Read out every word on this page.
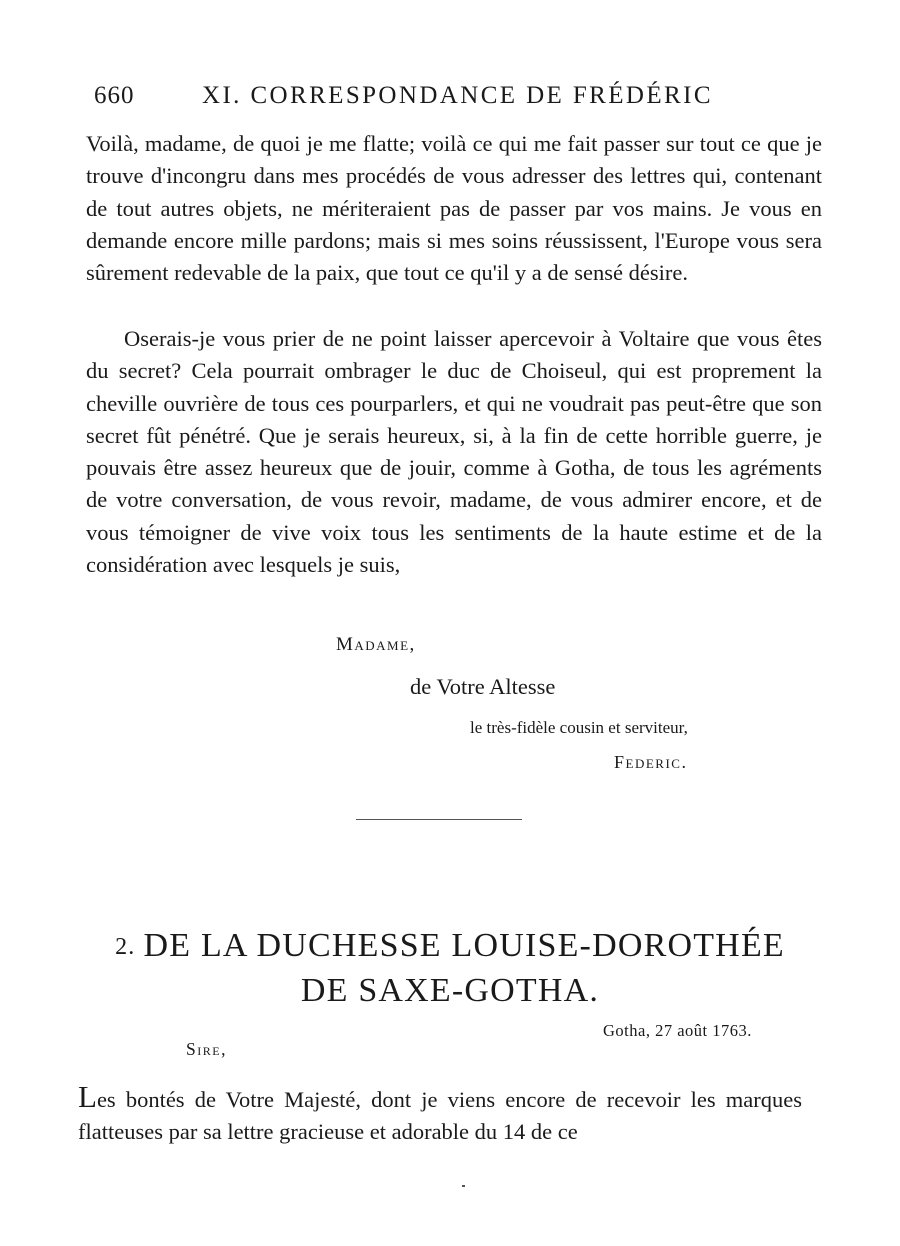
660	XI. CORRESPONDANCE DE FRÉDÉRIC

Voilà, madame, de quoi je me flatte; voilà ce qui me fait passer sur tout ce que je trouve d'incongru dans mes procédés de vous adresser des lettres qui, contenant de tout autres objets, ne mériteraient pas de passer par vos mains. Je vous en demande encore mille pardons; mais si mes soins réussissent, l'Europe vous sera sûrement redevable de la paix, que tout ce qu'il y a de sensé désire.

Oserais-je vous prier de ne point laisser apercevoir à Voltaire que vous êtes du secret? Cela pourrait ombrager le duc de Choiseul, qui est proprement la cheville ouvrière de tous ces pourparlers, et qui ne voudrait pas peut-être que son secret fût pénétré. Que je serais heureux, si, à la fin de cette horrible guerre, je pouvais être assez heureux que de jouir, comme à Gotha, de tous les agréments de votre conversation, de vous revoir, madame, de vous admirer encore, et de vous témoigner de vive voix tous les sentiments de la haute estime et de la considération avec lesquels je suis,

Madame,
de Votre Altesse
le très-fidèle cousin et serviteur,
Federic.
2. DE LA DUCHESSE LOUISE-DOROTHÉE
DE SAXE-GOTHA.
Gotha, 27 août 1763.
Sire,

Les bontés de Votre Majesté, dont je viens encore de recevoir les marques flatteuses par sa lettre gracieuse et adorable du 14 de ce
